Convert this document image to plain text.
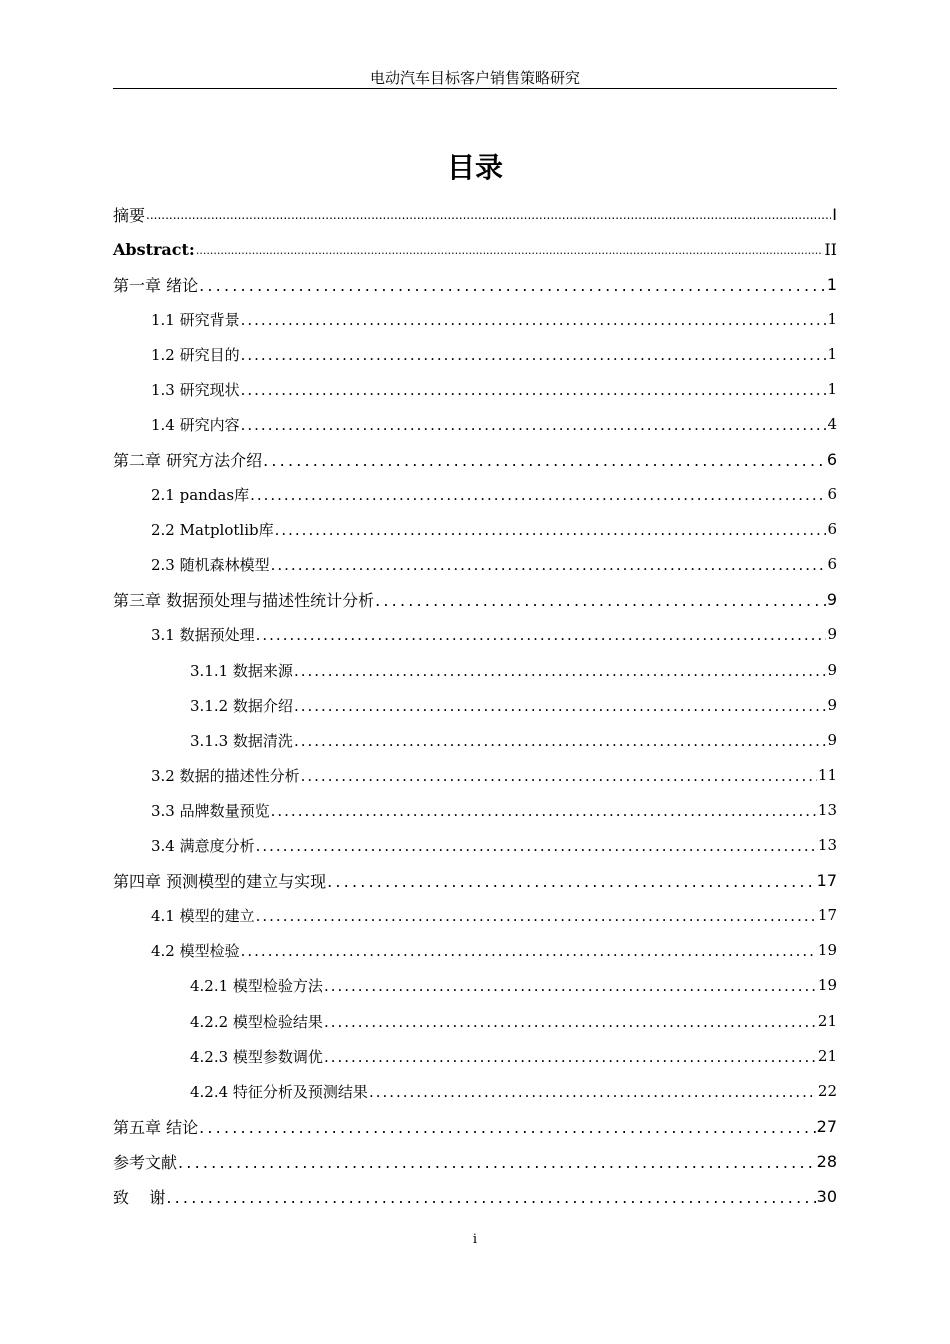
电动汽车目标客户销售策略研究
目录
摘要 .....	I
Abstract: .....	II
第一章 绪论 .....	1
1.1 研究背景 .....	1
1.2 研究目的 .....	1
1.3 研究现状 .....	1
1.4 研究内容 .....	4
第二章 研究方法介绍 .....	6
2.1 pandas库 .....	6
2.2 Matplotlib库 .....	6
2.3 随机森林模型 .....	6
第三章 数据预处理与描述性统计分析 .....	9
3.1 数据预处理 .....	9
3.1.1 数据来源 .....	9
3.1.2 数据介绍 .....	9
3.1.3 数据清洗 .....	9
3.2 数据的描述性分析 .....	11
3.3 品牌数量预览 .....	13
3.4 满意度分析 .....	13
第四章 预测模型的建立与实现 .....	17
4.1 模型的建立 .....	17
4.2 模型检验 .....	19
4.2.1 模型检验方法 .....	19
4.2.2 模型检验结果 .....	21
4.2.3 模型参数调优 .....	21
4.2.4 特征分析及预测结果 .....	22
第五章 结论 .....	27
参考文献 .....	28
致    谢 .....	30
i
